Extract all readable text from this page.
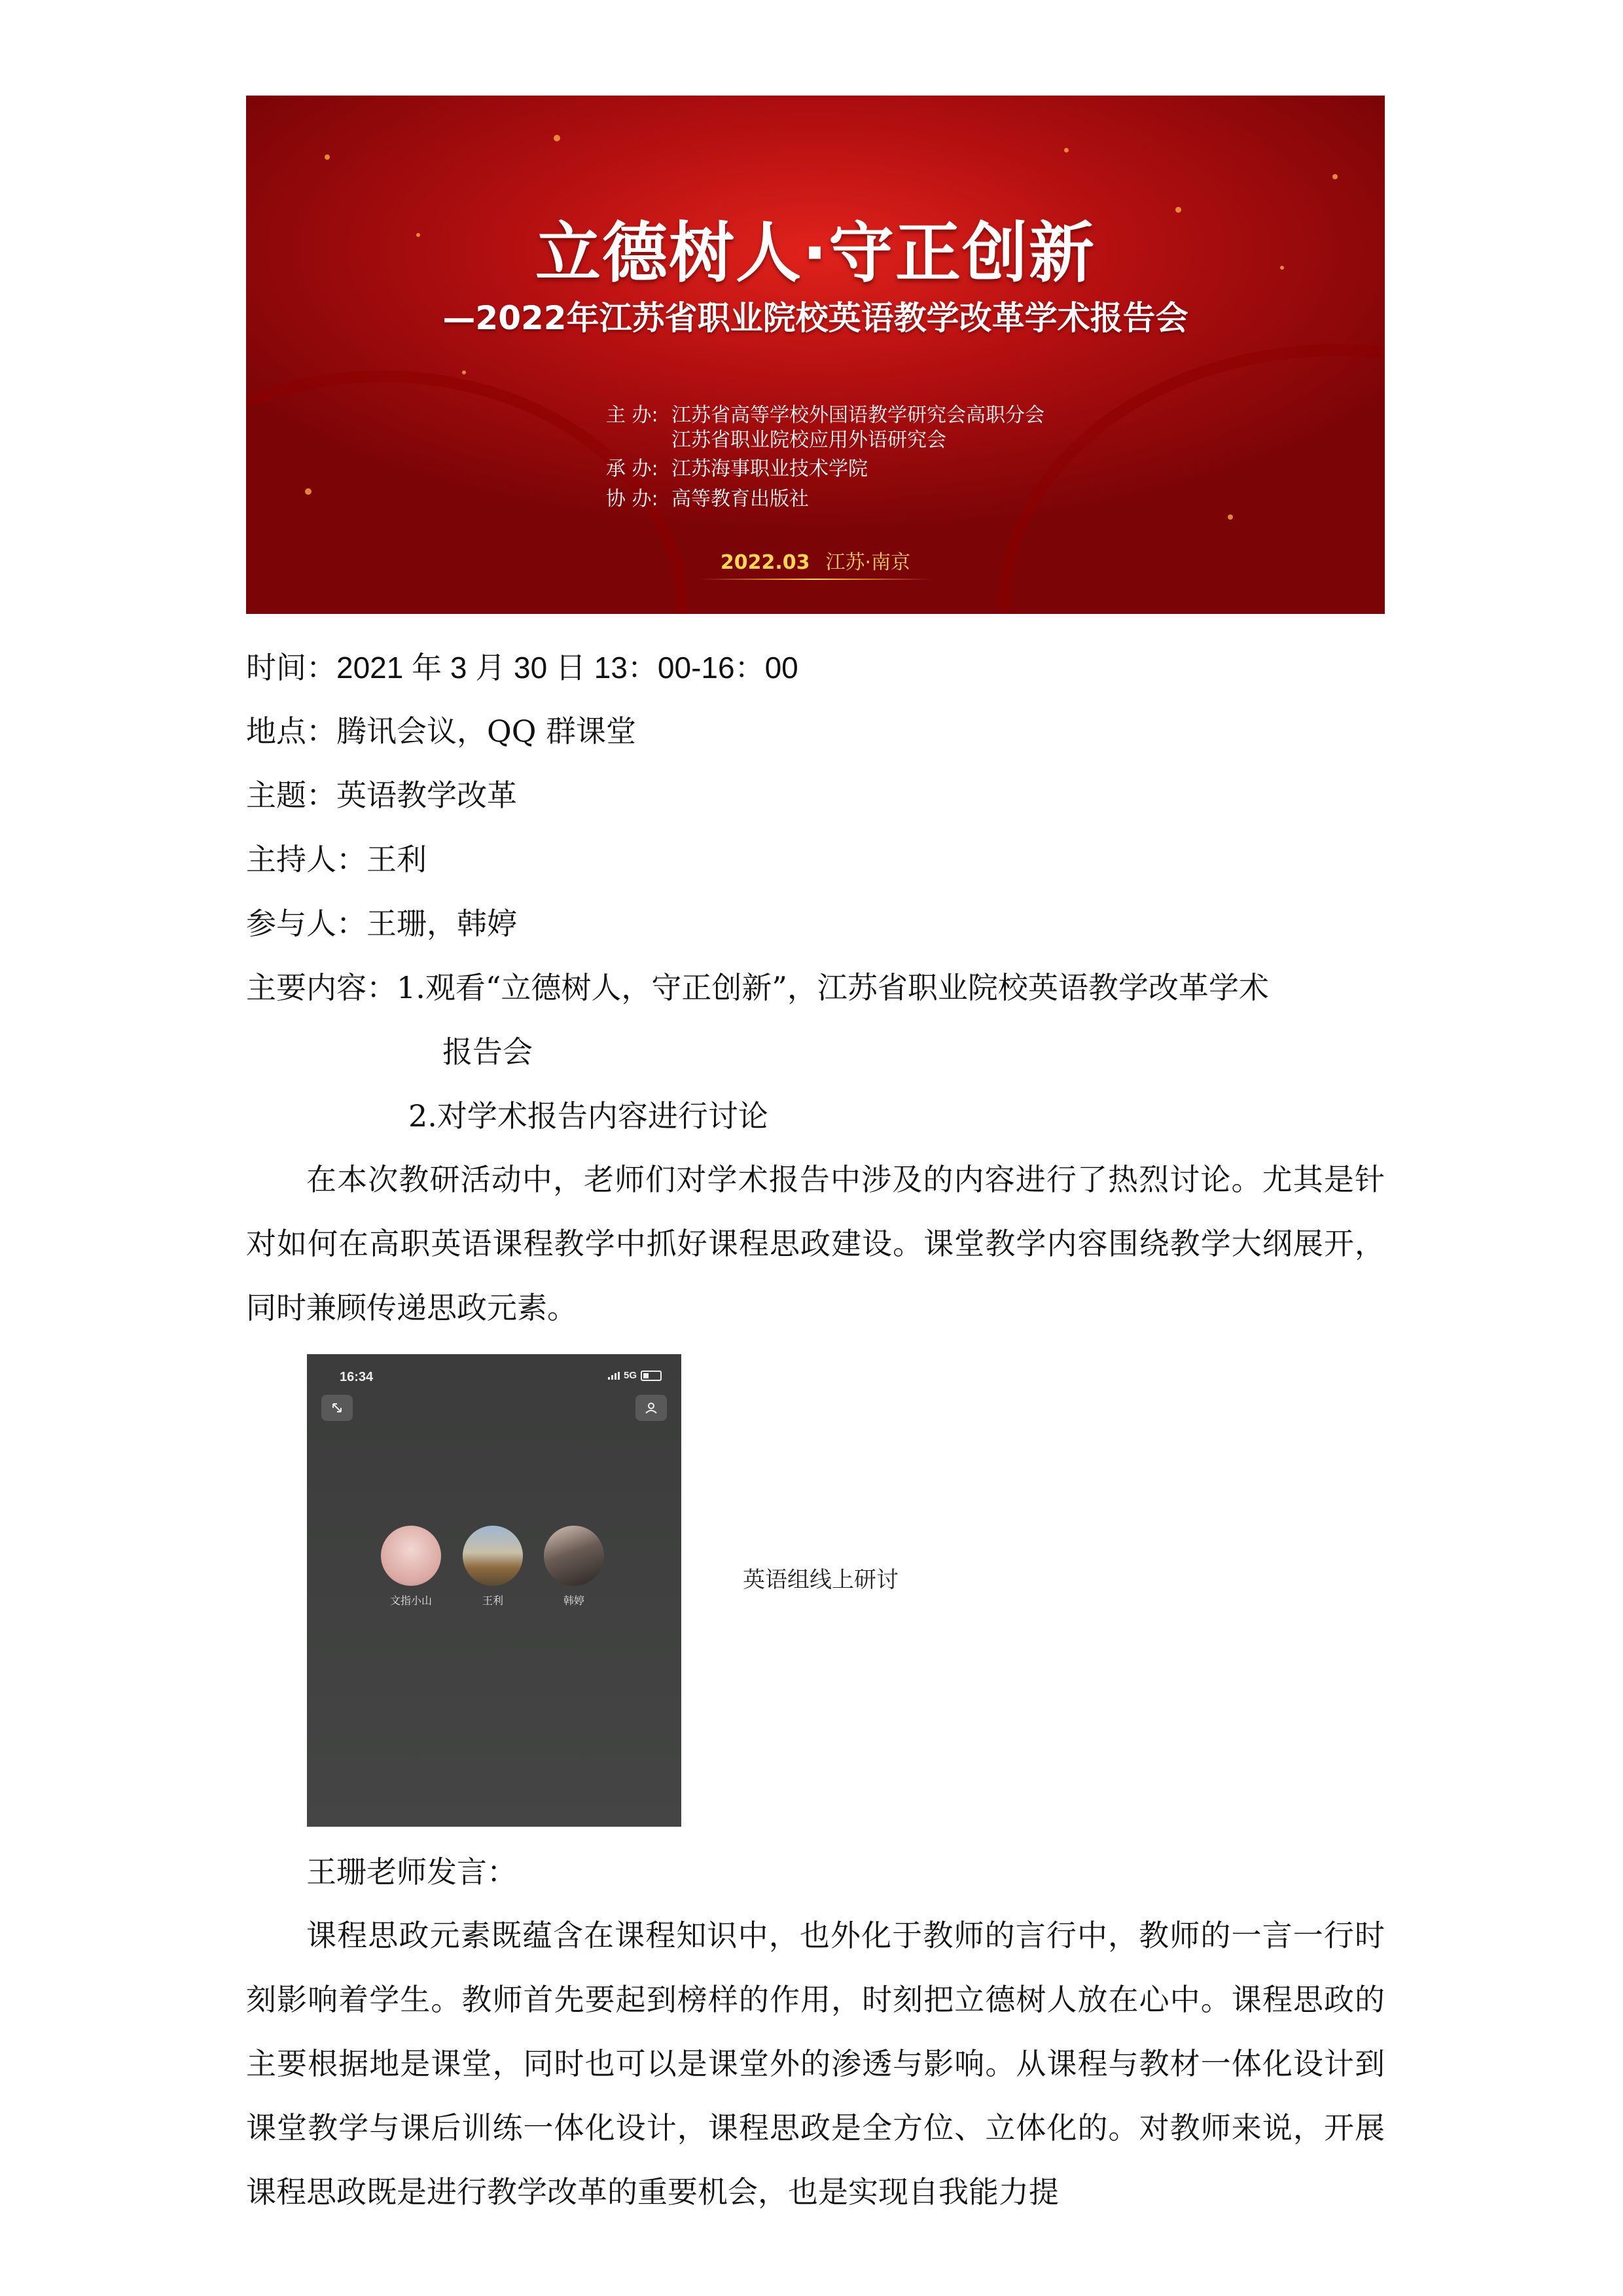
立德树人·守正创新
—2022年江苏省职业院校英语教学改革学术报告会
主 办: 江苏省高等学校外国语教学研究会高职分会
江苏省职业院校应用外语研究会
承 办: 江苏海事职业技术学院
协 办: 高等教育出版社
2022.03 江苏·南京
时间：2021 年 3 月 30 日 13：00-16：00
地点：腾讯会议，QQ 群课堂
主题：英语教学改革
主持人：王利
参与人：王珊，韩婷
主要内容：1.观看“立德树人，守正创新”，江苏省职业院校英语教学改革学术
报告会
2.对学术报告内容进行讨论
在本次教研活动中，老师们对学术报告中涉及的内容进行了热烈讨论。尤其是针对如何在高职英语课程教学中抓好课程思政建设。课堂教学内容围绕教学大纲展开，同时兼顾传递思政元素。
16:34	5G
文指小山	王利	韩婷
英语组线上研讨
王珊老师发言：
课程思政元素既蕴含在课程知识中，也外化于教师的言行中，教师的一言一行时刻影响着学生。教师首先要起到榜样的作用，时刻把立德树人放在心中。课程思政的主要根据地是课堂，同时也可以是课堂外的渗透与影响。从课程与教材一体化设计到课堂教学与课后训练一体化设计，课程思政是全方位、立体化的。对教师来说，开展课程思政既是进行教学改革的重要机会，也是实现自我能力提
